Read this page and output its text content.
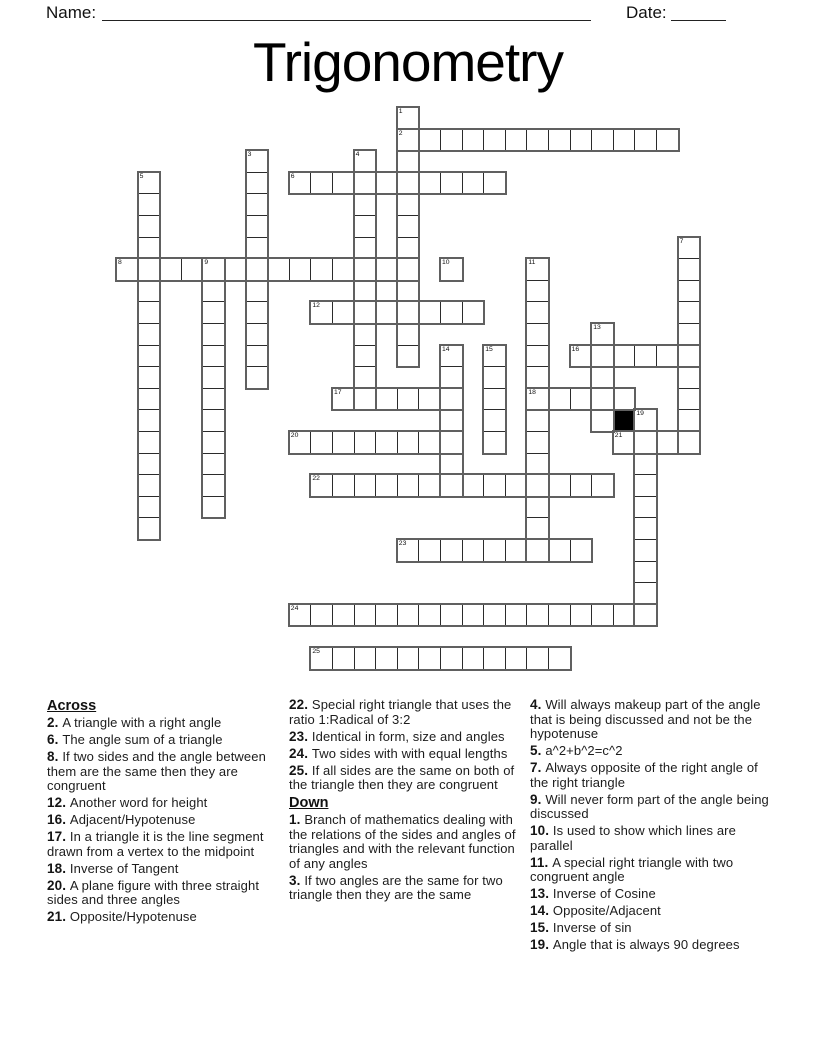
Name:	Date:
Trigonometry
1
2
3	4
5	6
7
8	9	10	11
12
13
14	15	16
17	18
19
20	21
22
23
24
25
Across
2. A triangle with a right angle
6. The angle sum of a triangle
8. If two sides and the angle between them are the same then they are congruent
12. Another word for height
16. Adjacent/Hypotenuse
17. In a triangle it is the line segment drawn from a vertex to the midpoint
18. Inverse of Tangent
20. A plane figure with three straight sides and three angles
21. Opposite/Hypotenuse
22. Special right triangle that uses the ratio 1:Radical of 3:2
23. Identical in form, size and angles
24. Two sides with with equal lengths
25. If all sides are the same on both of the triangle then they are congruent
Down
1. Branch of mathematics dealing with the relations of the sides and angles of triangles and with the relevant function of any angles
3. If two angles are the same for two triangle then they are the same
4. Will always makeup part of the angle that is being discussed and not be the hypotenuse
5. a^2+b^2=c^2
7. Always opposite of the right angle of the right triangle
9. Will never form part of the angle being discussed
10. Is used to show which lines are parallel
11. A special right triangle with two congruent angle
13. Inverse of Cosine
14. Opposite/Adjacent
15. Inverse of sin
19. Angle that is always 90 degrees
